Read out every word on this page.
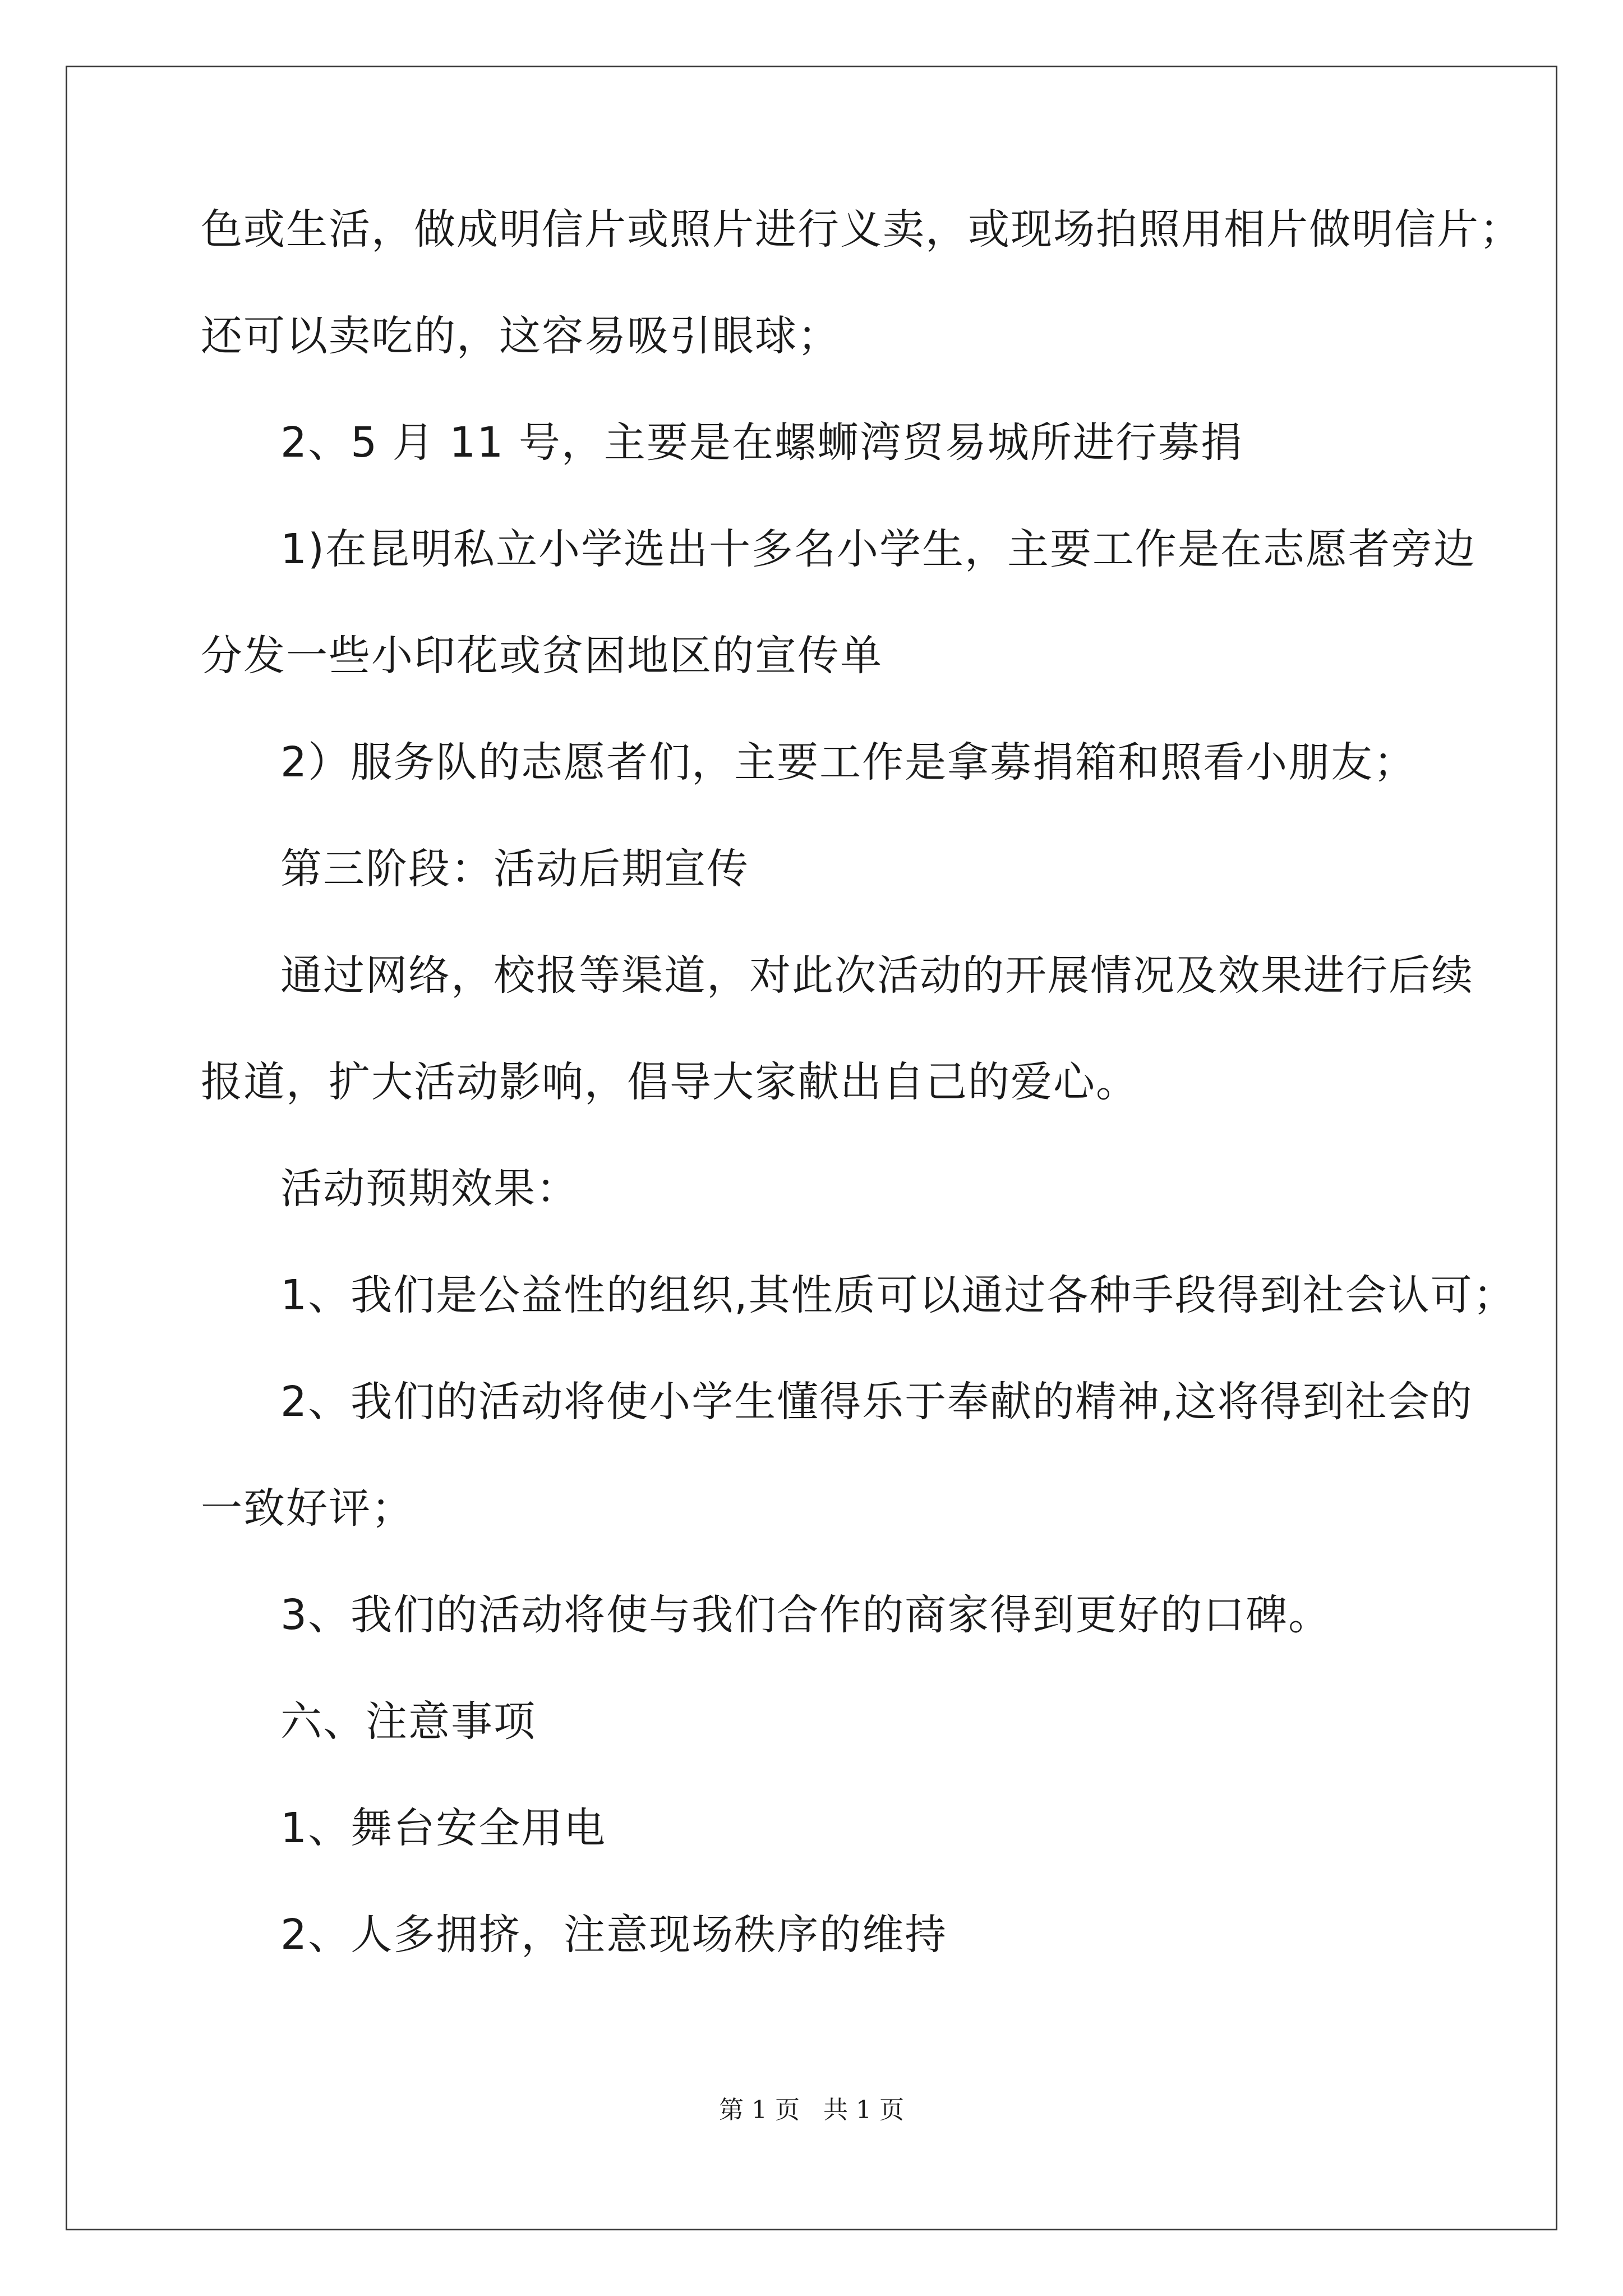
色或生活，做成明信片或照片进行义卖，或现场拍照用相片做明信片；
还可以卖吃的，这容易吸引眼球；
2、5 月 11 号，主要是在螺蛳湾贸易城所进行募捐
1)在昆明私立小学选出十多名小学生，主要工作是在志愿者旁边
分发一些小印花或贫困地区的宣传单
2）服务队的志愿者们，主要工作是拿募捐箱和照看小朋友；
第三阶段：活动后期宣传
通过网络，校报等渠道，对此次活动的开展情况及效果进行后续
报道，扩大活动影响，倡导大家献出自己的爱心。
活动预期效果：
1、我们是公益性的组织,其性质可以通过各种手段得到社会认可；
2、我们的活动将使小学生懂得乐于奉献的精神,这将得到社会的
一致好评；
3、我们的活动将使与我们合作的商家得到更好的口碑。
六、注意事项
1、舞台安全用电
2、人多拥挤，注意现场秩序的维持
第 1 页 共 1 页
